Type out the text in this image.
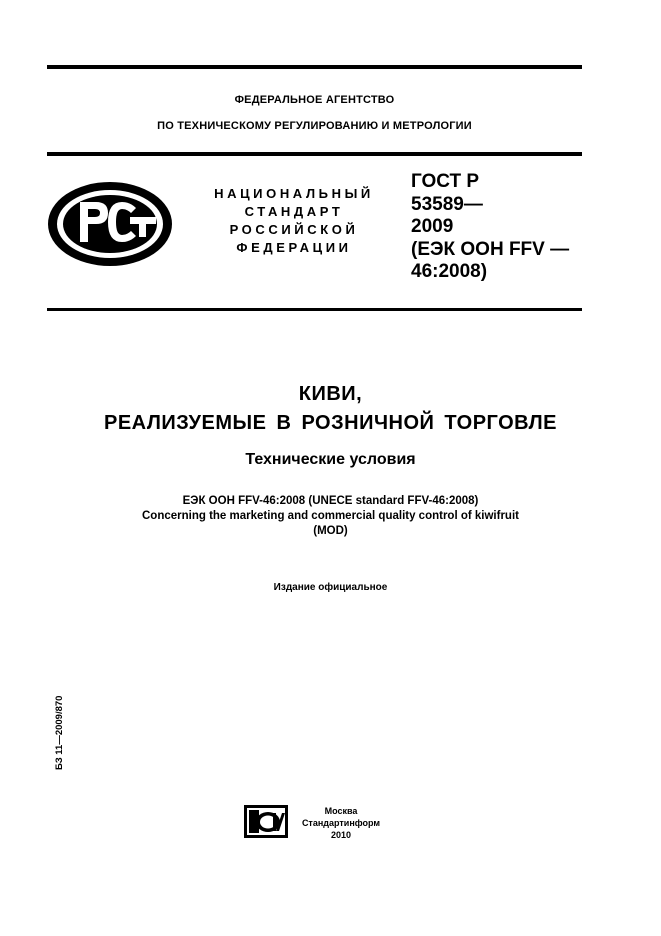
ФЕДЕРАЛЬНОЕ АГЕНТСТВО
ПО ТЕХНИЧЕСКОМУ РЕГУЛИРОВАНИЮ И МЕТРОЛОГИИ
НАЦИОНАЛЬНЫЙ
СТАНДАРТ
РОССИЙСКОЙ
ФЕДЕРАЦИИ
ГОСТ Р
53589—
2009
(ЕЭК ООН FFV —
46:2008)
КИВИ,
РЕАЛИЗУЕМЫЕ В РОЗНИЧНОЙ ТОРГОВЛЕ
Технические условия
ЕЭК ООН FFV-46:2008 (UNECE standard FFV-46:2008)
Concerning the marketing and commercial quality control of kiwifruit
(MOD)
Издание официальное
БЗ 11—2009/870
Москва
Стандартинформ
2010
